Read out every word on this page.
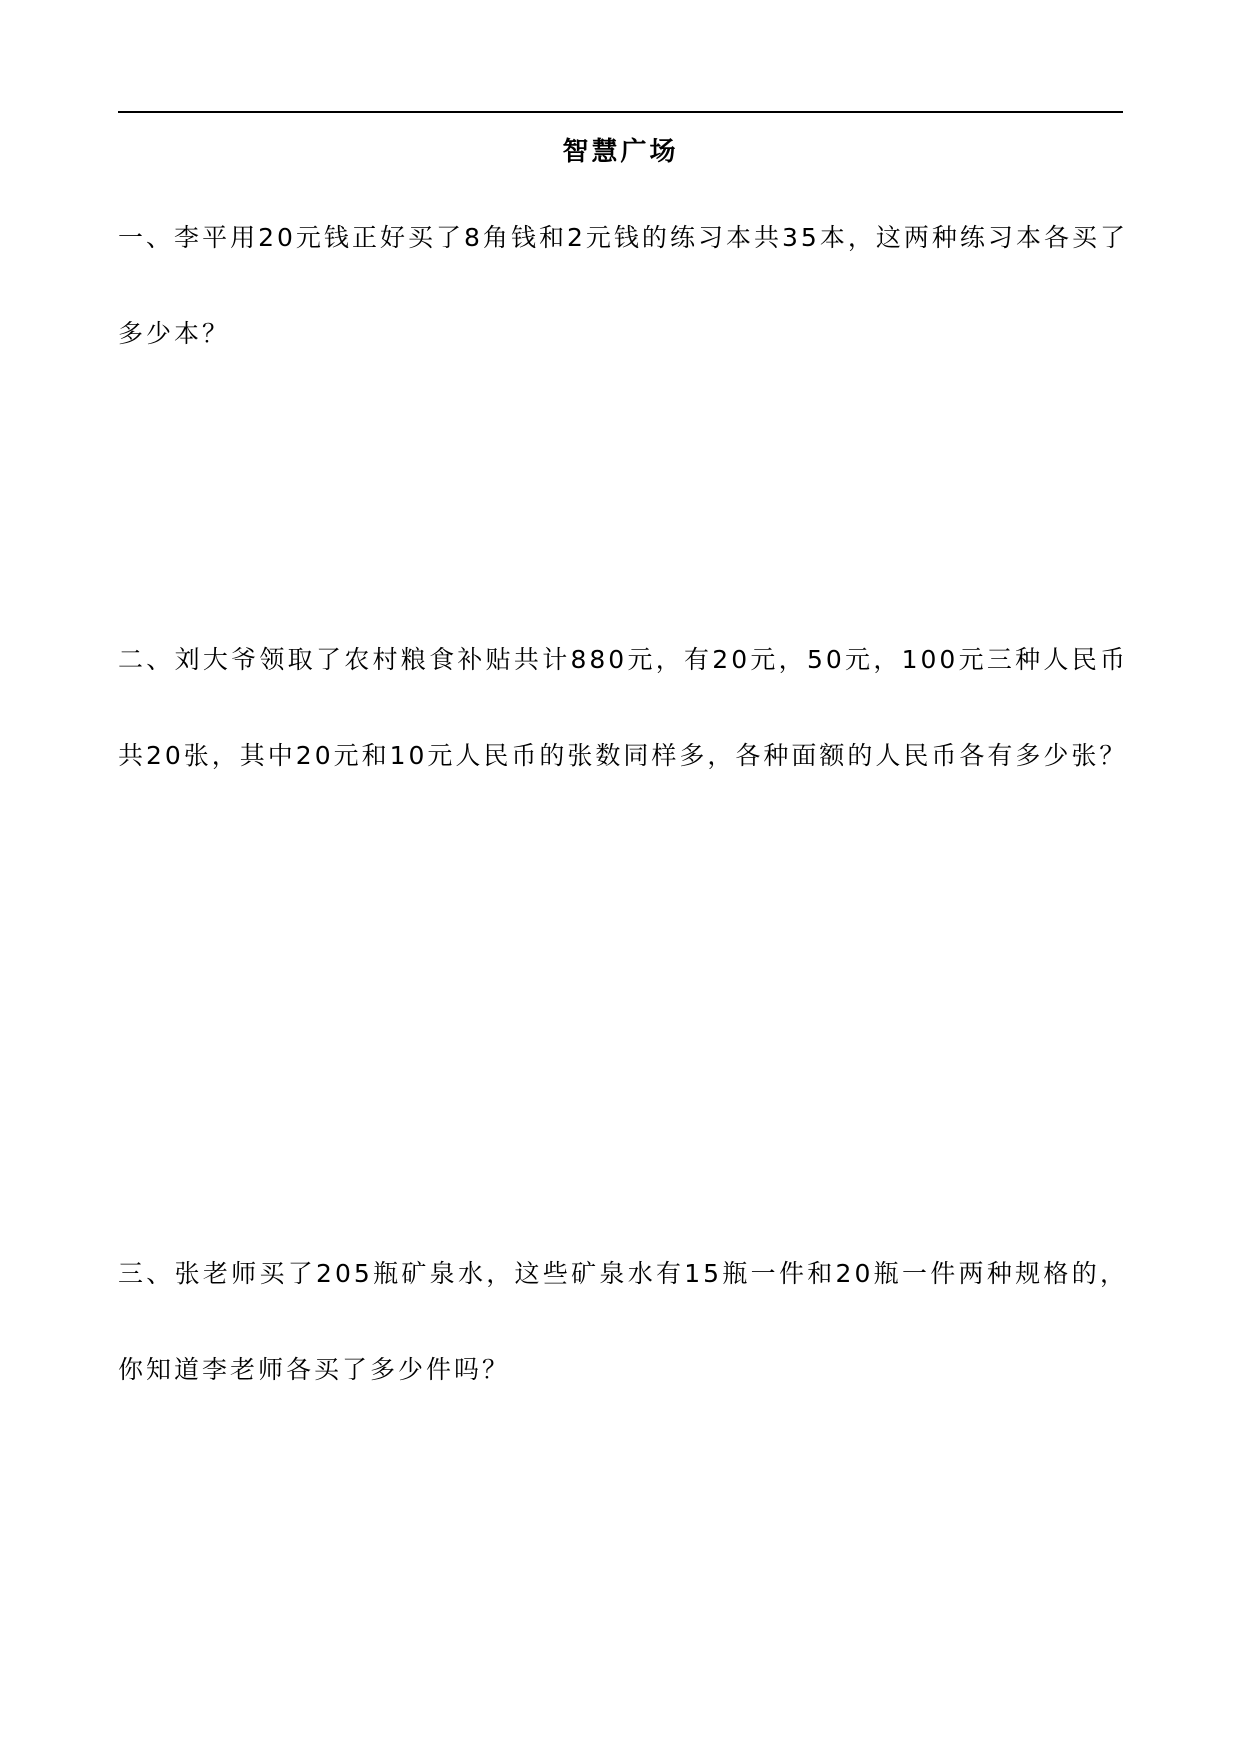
智慧广场

一、李平用20元钱正好买了8角钱和2元钱的练习本共35本，这两种练习本各买了多少本？

二、刘大爷领取了农村粮食补贴共计880元，有20元，50元，100元三种人民币共20张，其中20元和10元人民币的张数同样多，各种面额的人民币各有多少张？

三、张老师买了205瓶矿泉水，这些矿泉水有15瓶一件和20瓶一件两种规格的，你知道李老师各买了多少件吗？
